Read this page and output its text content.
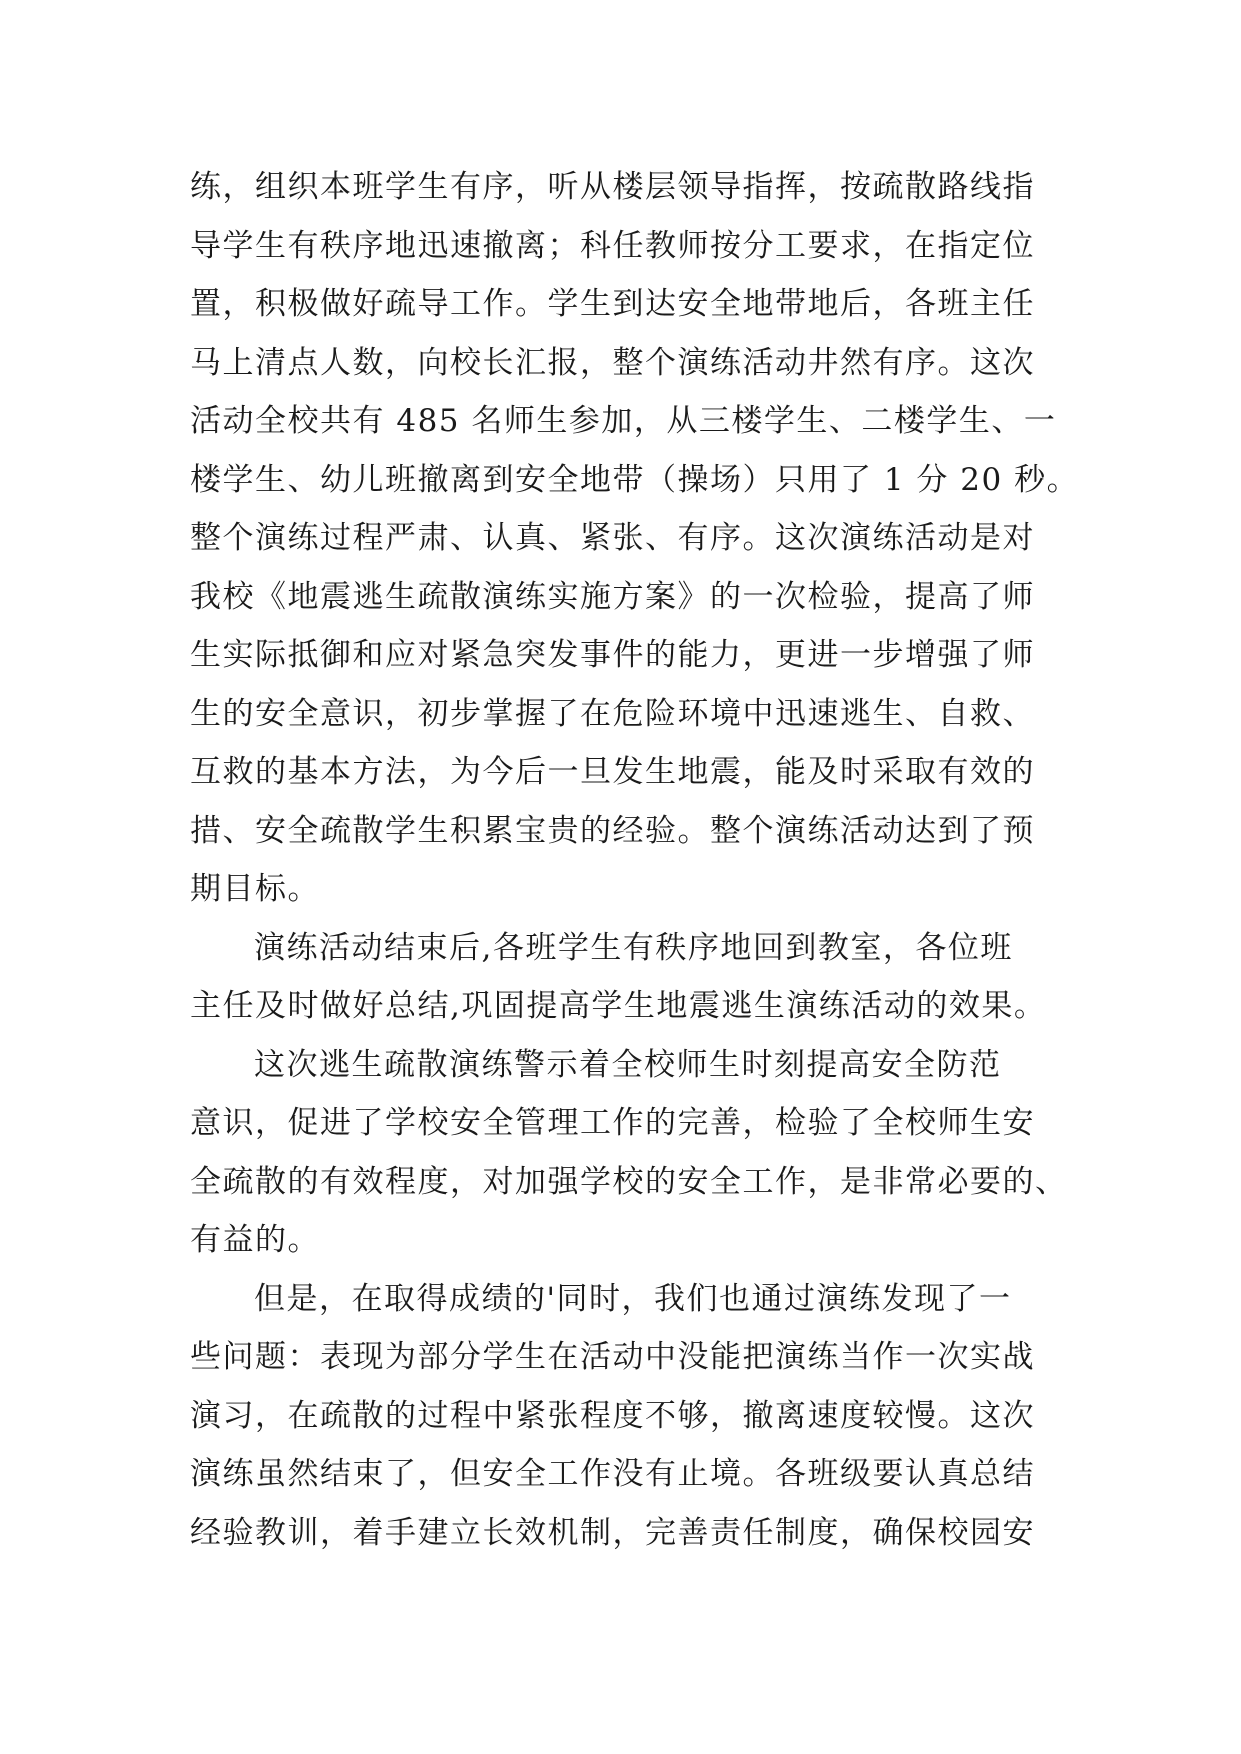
练，组织本班学生有序，听从楼层领导指挥，按疏散路线指
导学生有秩序地迅速撤离；科任教师按分工要求，在指定位
置，积极做好疏导工作。学生到达安全地带地后，各班主任
马上清点人数，向校长汇报，整个演练活动井然有序。这次
活动全校共有 485 名师生参加，从三楼学生、二楼学生、一
楼学生、幼儿班撤离到安全地带（操场）只用了 1 分 20 秒。
整个演练过程严肃、认真、紧张、有序。这次演练活动是对
我校《地震逃生疏散演练实施方案》的一次检验，提高了师
生实际抵御和应对紧急突发事件的能力，更进一步增强了师
生的安全意识，初步掌握了在危险环境中迅速逃生、自救、
互救的基本方法，为今后一旦发生地震，能及时采取有效的
措、安全疏散学生积累宝贵的经验。整个演练活动达到了预
期目标。
演练活动结束后,各班学生有秩序地回到教室，各位班
主任及时做好总结,巩固提高学生地震逃生演练活动的效果。
这次逃生疏散演练警示着全校师生时刻提高安全防范
意识，促进了学校安全管理工作的完善，检验了全校师生安
全疏散的有效程度，对加强学校的安全工作，是非常必要的、
有益的。
但是，在取得成绩的'同时，我们也通过演练发现了一
些问题：表现为部分学生在活动中没能把演练当作一次实战
演习，在疏散的过程中紧张程度不够，撤离速度较慢。这次
演练虽然结束了，但安全工作没有止境。各班级要认真总结
经验教训，着手建立长效机制，完善责任制度，确保校园安
